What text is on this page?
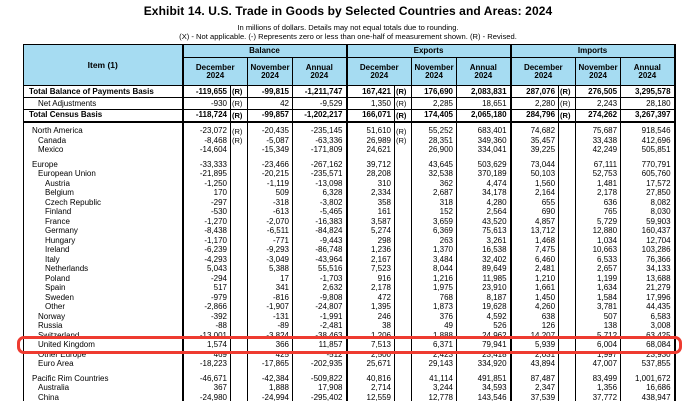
Exhibit 14. U.S. Trade in Goods by Selected Countries and Areas: 2024
In millions of dollars. Details may not equal totals due to rounding.
(X) - Not applicable. (-) Represents zero or less than one-half of measurement shown. (R) - Revised.
Item (1)	Balance				Exports				Imports			

	December
2024		November
2024	Annual
2024	December
2024		November
2024	Annual
2024	December
2024		November
2024	Annual
2024

Total Balance of Payments Basis	-119,655	(R)	-99,815	-1,211,747	167,421	(R)	176,690	2,083,831	287,076	(R)	276,505	3,295,578
Net Adjustments	-930	(R)	42	-9,529	1,350	(R)	2,285	18,651	2,280	(R)	2,243	28,180
Total Census Basis	-118,724	(R)	-99,857	-1,202,217	166,071	(R)	174,405	2,065,180	284,796	(R)	274,262	3,267,397

North America	-23,072	(R)	-20,435	-235,145	51,610	(R)	55,252	683,401	74,682		75,687	918,546
Canada	-8,468	(R)	-5,087	-63,336	26,989	(R)	28,351	349,360	35,457		33,438	412,696
Mexico	-14,604		-15,349	-171,809	24,621		26,900	334,041	39,225		42,249	505,851

Europe	-33,333		-23,466	-267,162	39,712		43,645	503,629	73,044		67,111	770,791
European Union	-21,895		-20,215	-235,571	28,208		32,538	370,189	50,103		52,753	605,760
Austria	-1,250		-1,119	-13,098	310		362	4,474	1,560		1,481	17,572
Belgium	170		509	6,328	2,334		2,687	34,178	2,164		2,178	27,850
Czech Republic	-297		-318	-3,802	358		318	4,280	655		636	8,082
Finland	-530		-613	-5,465	161		152	2,564	690		765	8,030
France	-1,270		-2,070	-16,383	3,587		3,659	43,520	4,857		5,729	59,903
Germany	-8,438		-6,511	-84,824	5,274		6,369	75,613	13,712		12,880	160,437
Hungary	-1,170		-771	-9,443	298		263	3,261	1,468		1,034	12,704
Ireland	-6,239		-9,293	-86,748	1,236		1,370	16,538	7,475		10,663	103,286
Italy	-4,293		-3,049	-43,964	2,167		3,484	32,402	6,460		6,533	76,366
Netherlands	5,043		5,388	55,516	7,523		8,044	89,649	2,481		2,657	34,133
Poland	-294		17	-1,703	916		1,216	11,985	1,210		1,199	13,688
Spain	517		341	2,632	2,178		1,975	23,910	1,661		1,634	21,279
Sweden	-979		-816	-9,808	472		768	8,187	1,450		1,584	17,996
Other	-2,866		-1,907	-24,807	1,395		1,873	19,628	4,260		3,781	44,435
Norway	-392		-131	-1,991	246		376	4,592	638		507	6,583
Russia	-88		-89	-2,481	38		49	526	126		138	3,008
Switzerland	-13,001		-3,824	-38,463	1,206		1,888	24,962	14,207		5,712	63,425
United Kingdom	1,574		366	11,857	7,513		6,371	79,941	5,939		6,004	68,084
Other Europe	469		425	-512	2,500		2,423	23,418	2,031		1,997	23,930
Euro Area	-18,223		-17,865	-202,935	25,671		29,143	334,920	43,894		47,007	537,855

Pacific Rim Countries	-46,671		-42,384	-509,822	40,816		41,114	491,851	87,487		83,499	1,001,672
Australia	367		1,888	17,908	2,714		3,244	34,593	2,347		1,356	16,686
China	-24,980		-24,994	-295,402	12,559		12,778	143,546	37,539		37,772	438,947
